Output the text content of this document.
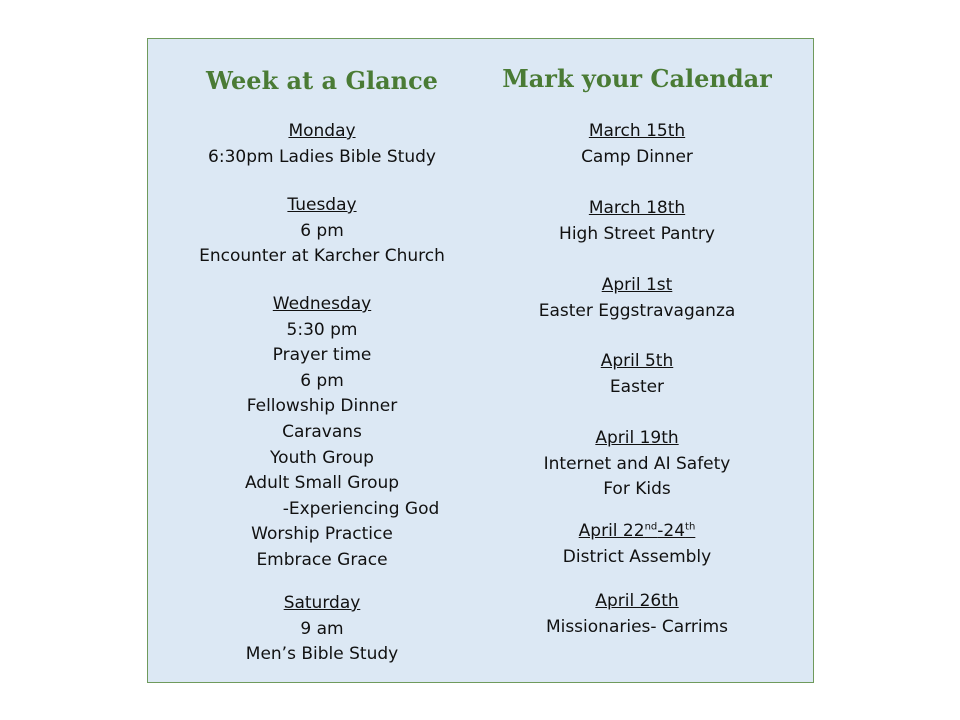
Week at a Glance
Monday
6:30pm Ladies Bible Study
Tuesday
6 pm
Encounter at Karcher Church
Wednesday
5:30 pm
Prayer time
6 pm
Fellowship Dinner
Caravans
Youth Group
Adult Small Group
-Experiencing God
Worship Practice
Embrace Grace
Saturday
9 am
Men’s Bible Study
Mark your Calendar
March 15th
Camp Dinner
March 18th
High Street Pantry
April 1st
Easter Eggstravaganza
April 5th
Easter
April 19th
Internet and AI Safety
For Kids
April 22nd-24th
District Assembly
April 26th
Missionaries- Carrims
